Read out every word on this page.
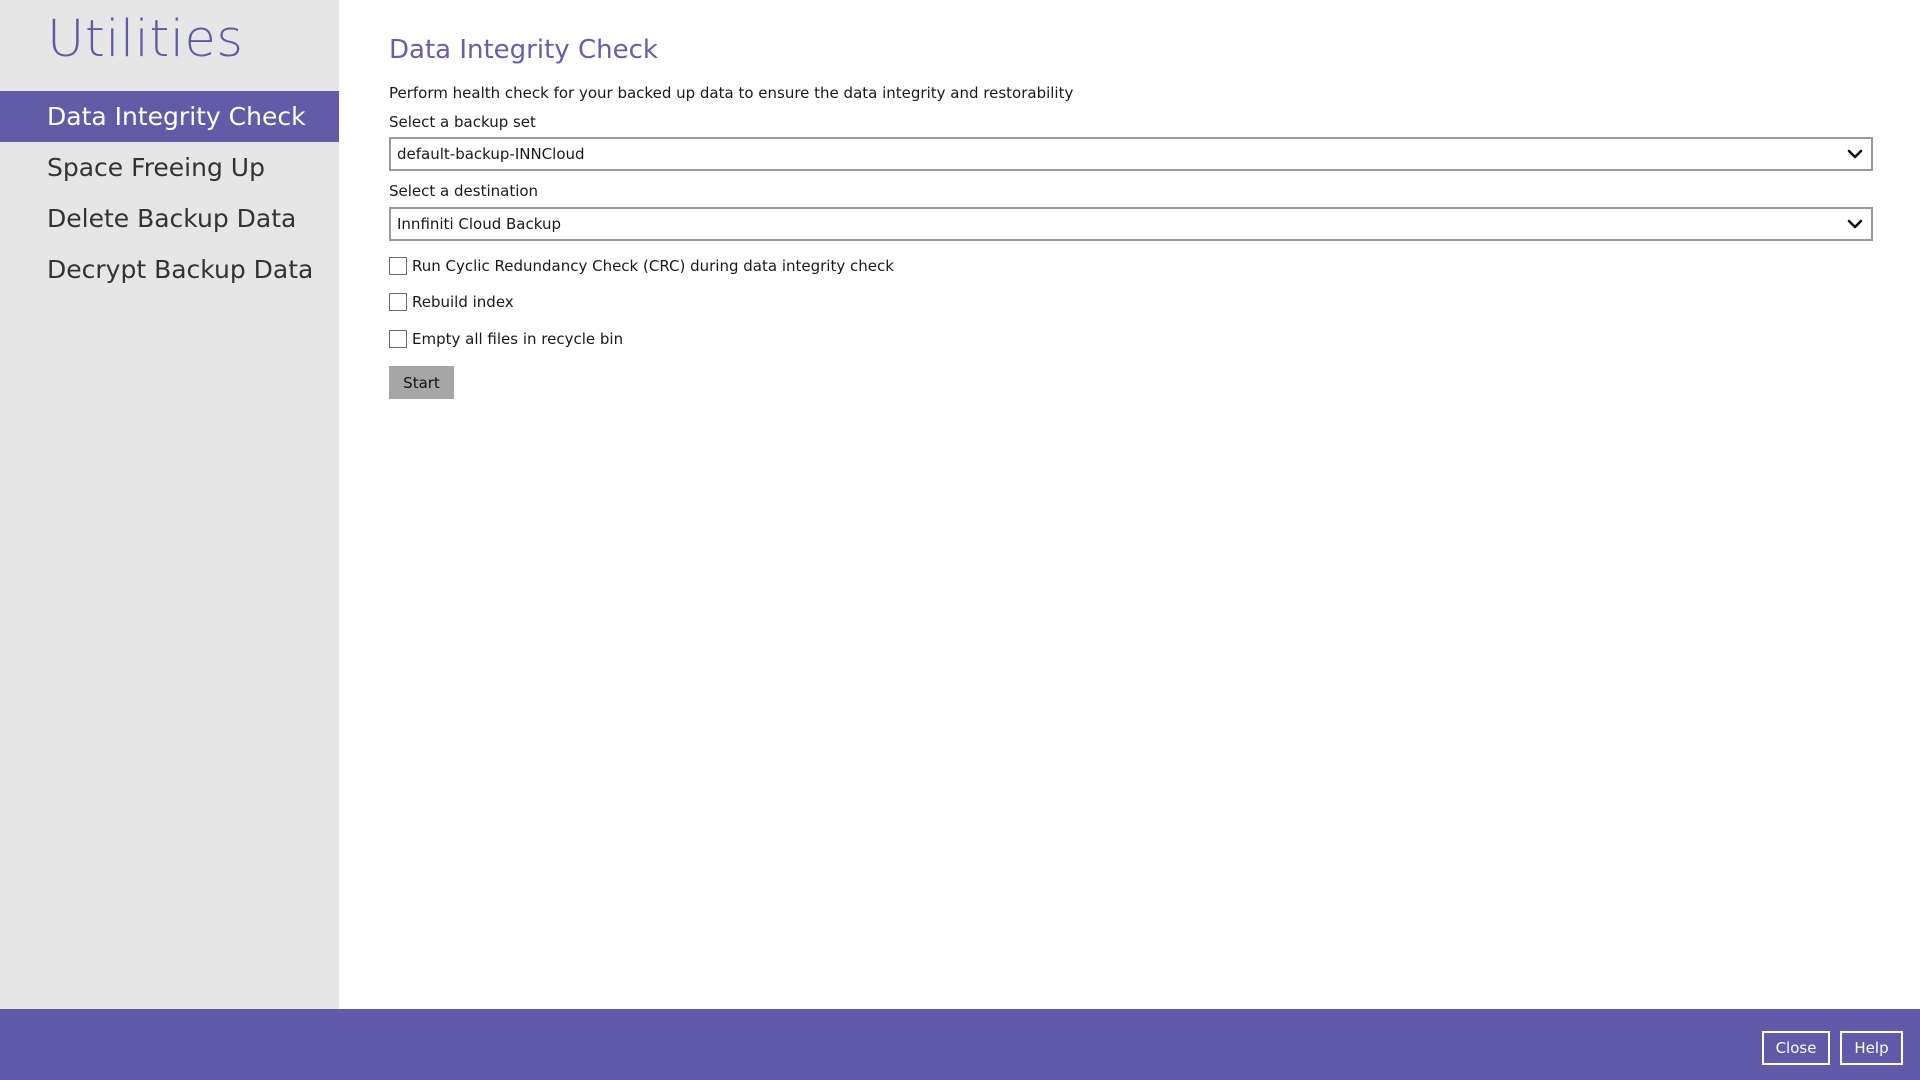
Utilities
Data Integrity Check
Space Freeing Up
Delete Backup Data
Decrypt Backup Data
Data Integrity Check
Perform health check for your backed up data to ensure the data integrity and restorability
Select a backup set
default-backup-INNCloud
Select a destination
Innfiniti Cloud Backup
Run Cyclic Redundancy Check (CRC) during data integrity check
Rebuild index
Empty all files in recycle bin
Start
Close	Help
